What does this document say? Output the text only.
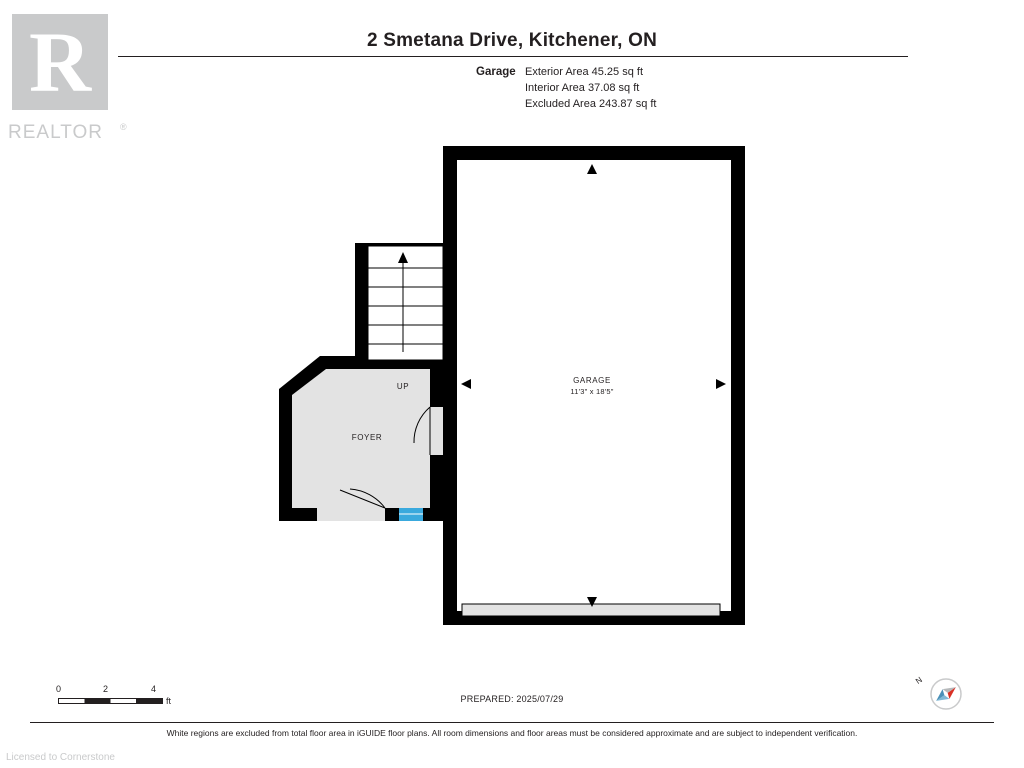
R
REALTOR ®
2 Smetana Drive, Kitchener, ON
Garage Exterior Area 45.25 sq ft
Interior Area 37.08 sq ft
Excluded Area 243.87 sq ft
GARAGE
11'3" x 18'5"
FOYER
UP
0	2	4
ft	PREPARED: 2025/07/29
N
White regions are excluded from total floor area in iGUIDE floor plans. All room dimensions and floor areas must be considered approximate and are subject to independent verification.
Licensed to Cornerstone
